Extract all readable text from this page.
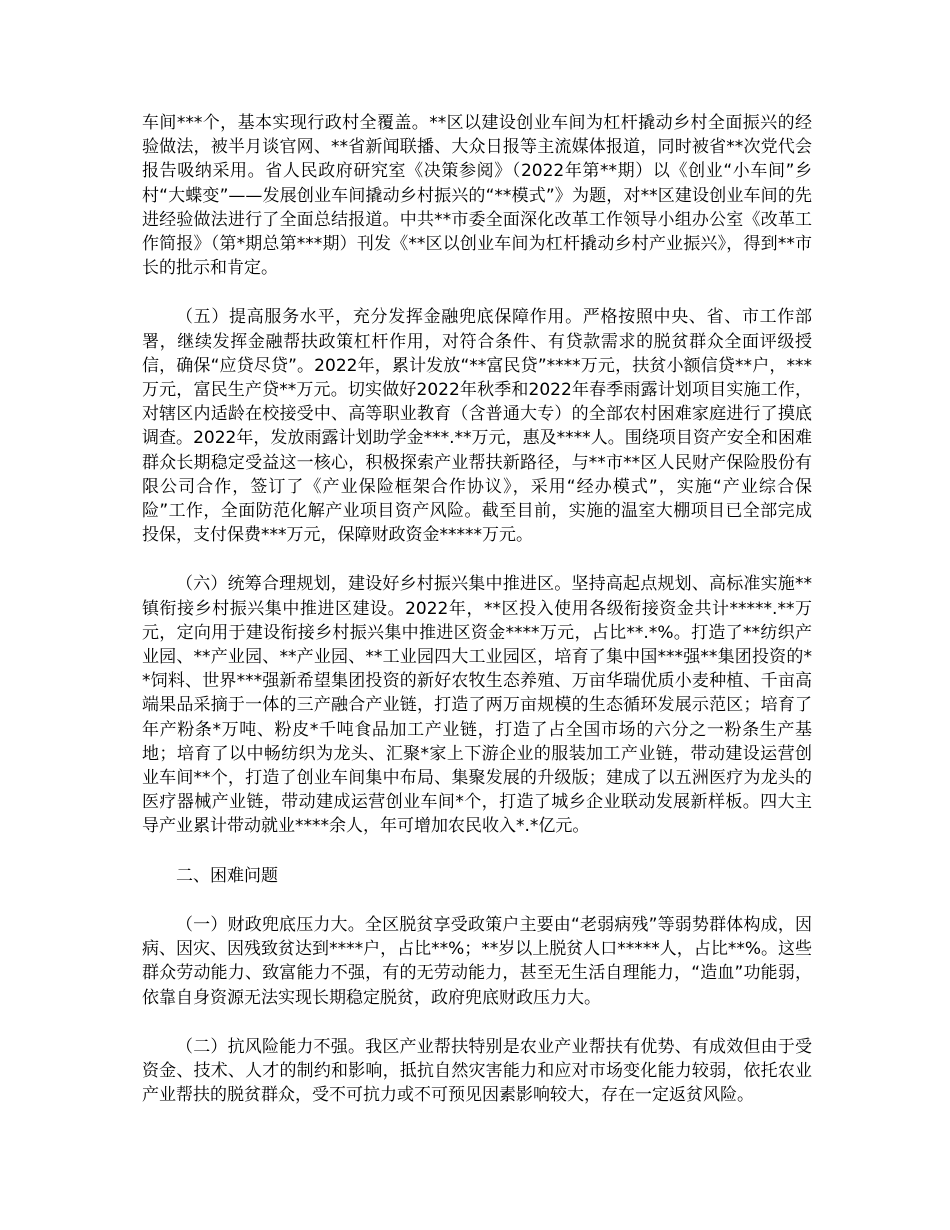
车间***个，基本实现行政村全覆盖。**区以建设创业车间为杠杆撬动乡村全面振兴的经验做法，被半月谈官网、**省新闻联播、大众日报等主流媒体报道，同时被省**次党代会报告吸纳采用。省人民政府研究室《决策参阅》（2022年第**期）以《创业“小车间”乡村“大蝶变”——发展创业车间撬动乡村振兴的“**模式”》为题，对**区建设创业车间的先进经验做法进行了全面总结报道。中共**市委全面深化改革工作领导小组办公室《改革工作简报》（第*期总第***期）刊发《**区以创业车间为杠杆撬动乡村产业振兴》，得到**市长的批示和肯定。

（五）提高服务水平，充分发挥金融兜底保障作用。严格按照中央、省、市工作部署，继续发挥金融帮扶政策杠杆作用，对符合条件、有贷款需求的脱贫群众全面评级授信，确保“应贷尽贷”。2022年，累计发放“**富民贷”****万元，扶贫小额信贷**户，***万元，富民生产贷**万元。切实做好2022年秋季和2022年春季雨露计划项目实施工作，对辖区内适龄在校接受中、高等职业教育（含普通大专）的全部农村困难家庭进行了摸底调查。2022年，发放雨露计划助学金***.**万元，惠及****人。围绕项目资产安全和困难群众长期稳定受益这一核心，积极探索产业帮扶新路径，与**市**区人民财产保险股份有限公司合作，签订了《产业保险框架合作协议》，采用“经办模式”，实施“产业综合保险”工作，全面防范化解产业项目资产风险。截至目前，实施的温室大棚项目已全部完成投保，支付保费***万元，保障财政资金*****万元。

（六）统筹合理规划，建设好乡村振兴集中推进区。坚持高起点规划、高标准实施**镇衔接乡村振兴集中推进区建设。2022年，**区投入使用各级衔接资金共计*****.**万元，定向用于建设衔接乡村振兴集中推进区资金****万元，占比**.*%。打造了**纺织产业园、**产业园、**产业园、**工业园四大工业园区，培育了集中国***强**集团投资的**饲料、世界***强新希望集团投资的新好农牧生态养殖、万亩华瑞优质小麦种植、千亩高端果品采摘于一体的三产融合产业链，打造了两万亩规模的生态循环发展示范区；培育了年产粉条*万吨、粉皮*千吨食品加工产业链，打造了占全国市场的六分之一粉条生产基地；培育了以中畅纺织为龙头、汇聚*家上下游企业的服装加工产业链，带动建设运营创业车间**个，打造了创业车间集中布局、集聚发展的升级版；建成了以五洲医疗为龙头的医疗器械产业链，带动建成运营创业车间*个，打造了城乡企业联动发展新样板。四大主导产业累计带动就业****余人，年可增加农民收入*.*亿元。

二、困难问题

（一）财政兜底压力大。全区脱贫享受政策户主要由“老弱病残”等弱势群体构成，因病、因灾、因残致贫达到****户，占比**%；**岁以上脱贫人口*****人，占比**%。这些群众劳动能力、致富能力不强，有的无劳动能力，甚至无生活自理能力，“造血”功能弱，依靠自身资源无法实现长期稳定脱贫，政府兜底财政压力大。

（二）抗风险能力不强。我区产业帮扶特别是农业产业帮扶有优势、有成效但由于受资金、技术、人才的制约和影响，抵抗自然灾害能力和应对市场变化能力较弱，依托农业产业帮扶的脱贫群众，受不可抗力或不可预见因素影响较大，存在一定返贫风险。
